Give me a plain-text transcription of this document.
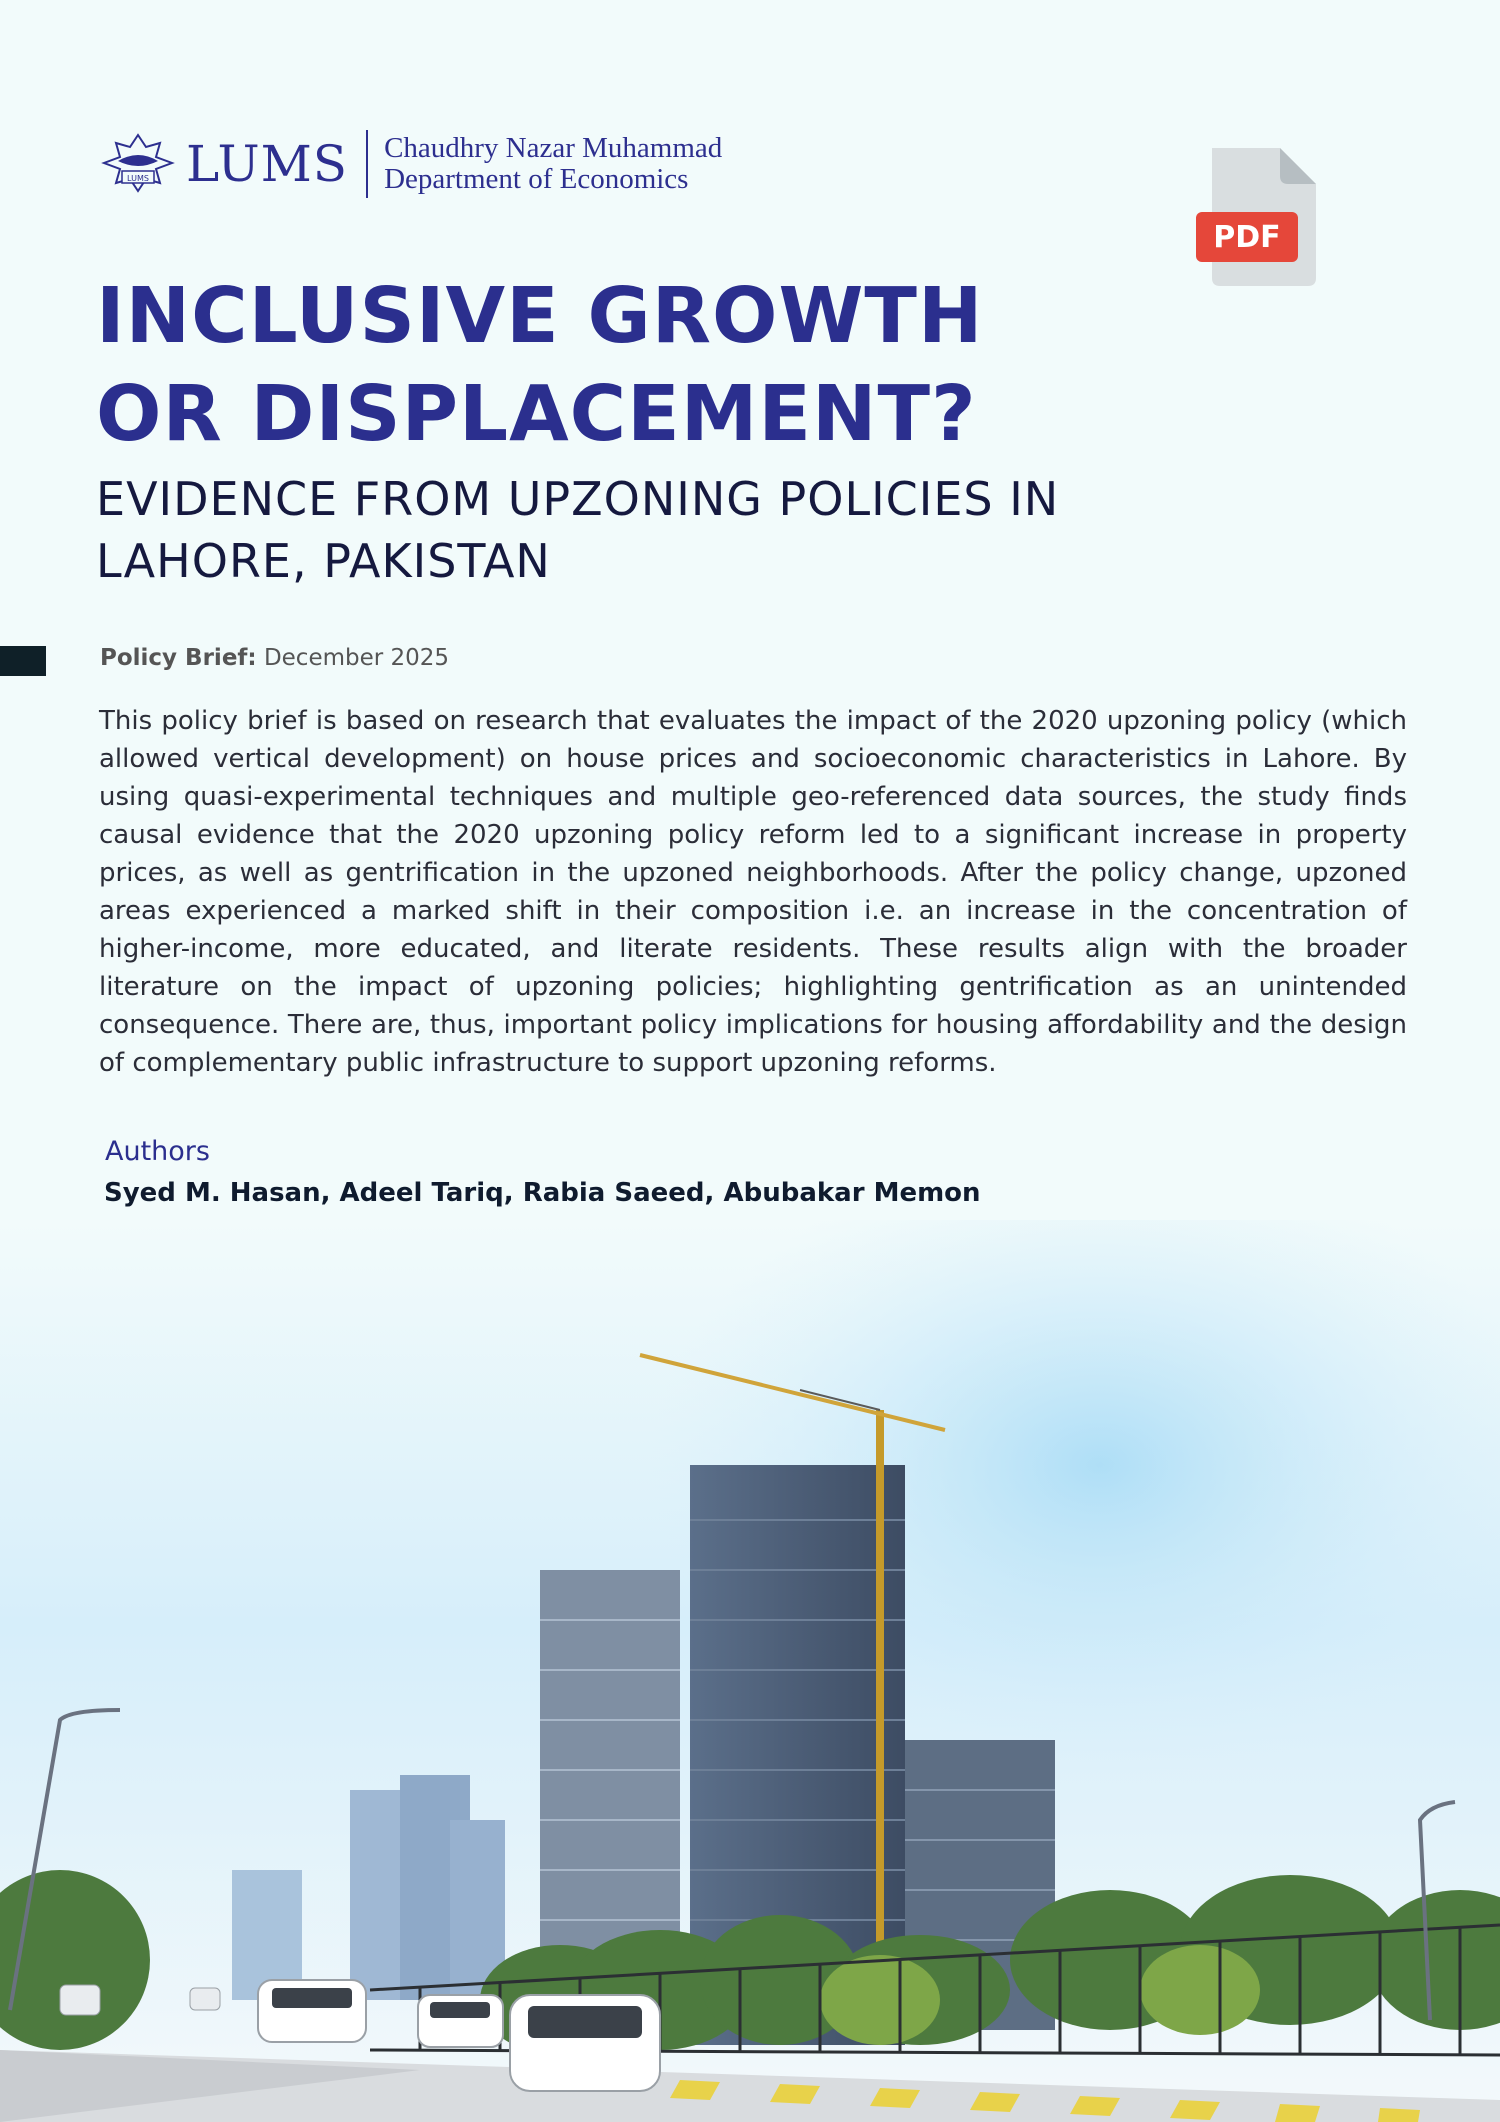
LUMS LUMS Chaudhry Nazar Muhammad
Department of Economics
PDF
INCLUSIVE GROWTH OR DISPLACEMENT?
EVIDENCE FROM UPZONING POLICIES IN LAHORE, PAKISTAN
Policy Brief: December 2025

This policy brief is based on research that evaluates the impact of the 2020 upzoning policy (which allowed vertical development) on house prices and socioeconomic characteristics in Lahore. By using quasi-experimental techniques and multiple geo-referenced data sources, the study finds causal evidence that the 2020 upzoning policy reform led to a significant increase in property prices, as well as gentrification in the upzoned neighborhoods. After the policy change, upzoned areas experienced a marked shift in their composition i.e. an increase in the concentration of higher-income, more educated, and literate residents. These results align with the broader literature on the impact of upzoning policies; highlighting gentrification as an unintended consequence. There are, thus, important policy implications for housing affordability and the design of complementary public infrastructure to support upzoning reforms.

Authors
Syed M. Hasan, Adeel Tariq, Rabia Saeed, Abubakar Memon
